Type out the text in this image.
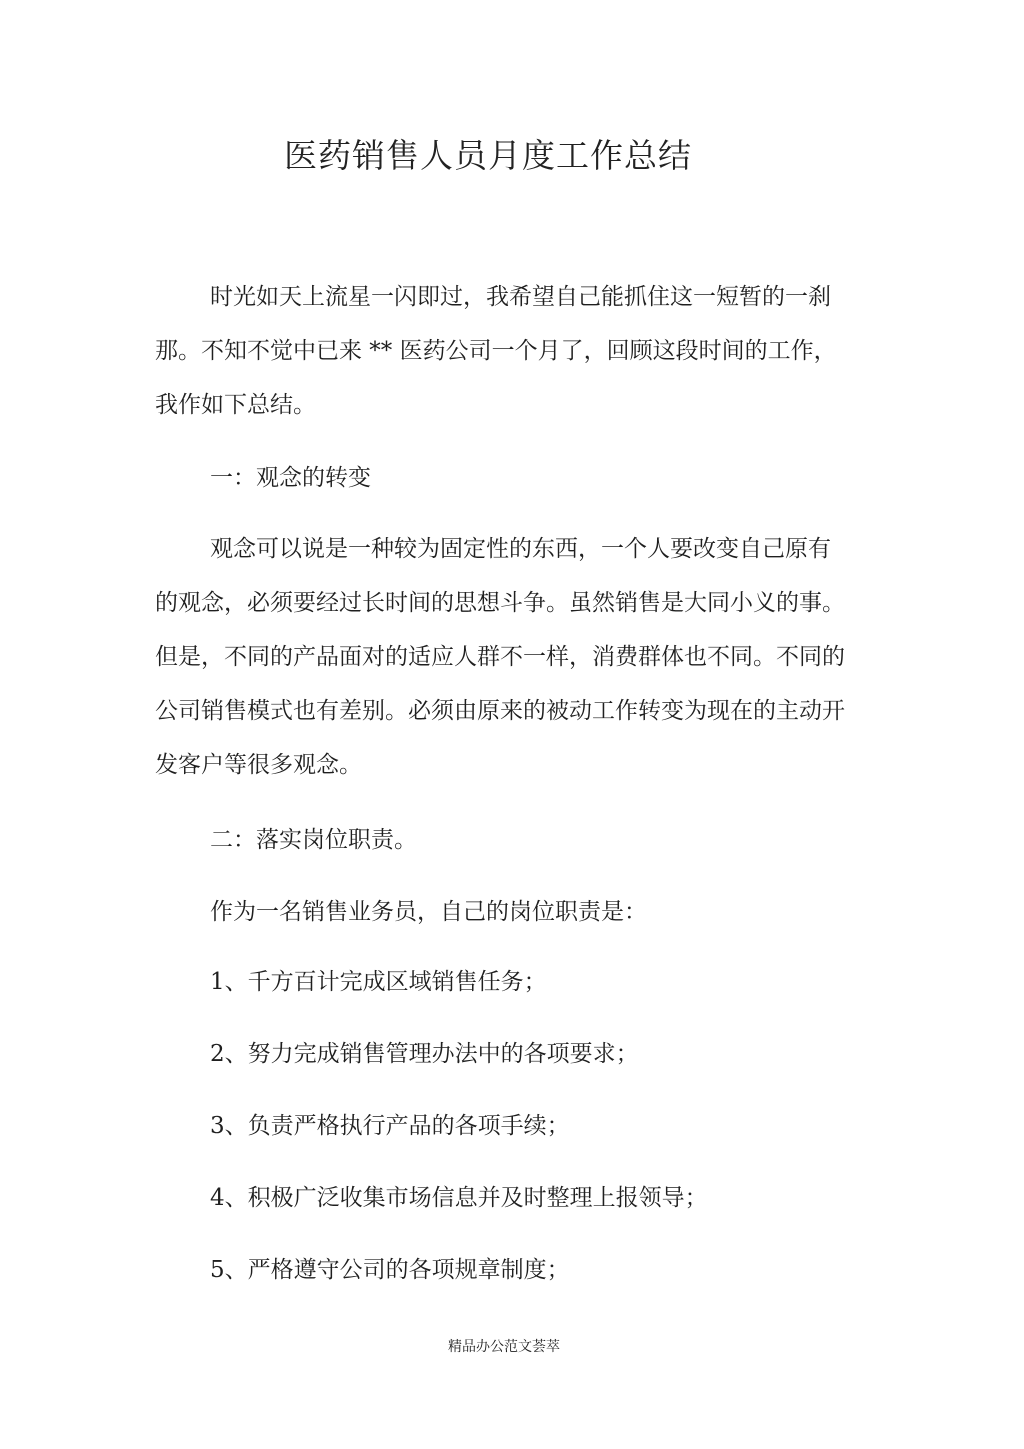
医药销售人员月度工作总结
时光如天上流星一闪即过，我希望自己能抓住这一短暂的一刹那。不知不觉中已来 ** 医药公司一个月了，回顾这段时间的工作，我作如下总结。
一：观念的转变
观念可以说是一种较为固定性的东西，一个人要改变自己原有的观念，必须要经过长时间的思想斗争。虽然销售是大同小义的事。但是，不同的产品面对的适应人群不一样，消费群体也不同。不同的公司销售模式也有差别。必须由原来的被动工作转变为现在的主动开发客户等很多观念。
二：落实岗位职责。
作为一名销售业务员，自己的岗位职责是：
1、千方百计完成区域销售任务；
2、努力完成销售管理办法中的各项要求；
3、负责严格执行产品的各项手续；
4、积极广泛收集市场信息并及时整理上报领导；
5、严格遵守公司的各项规章制度；
精品办公范文荟萃
